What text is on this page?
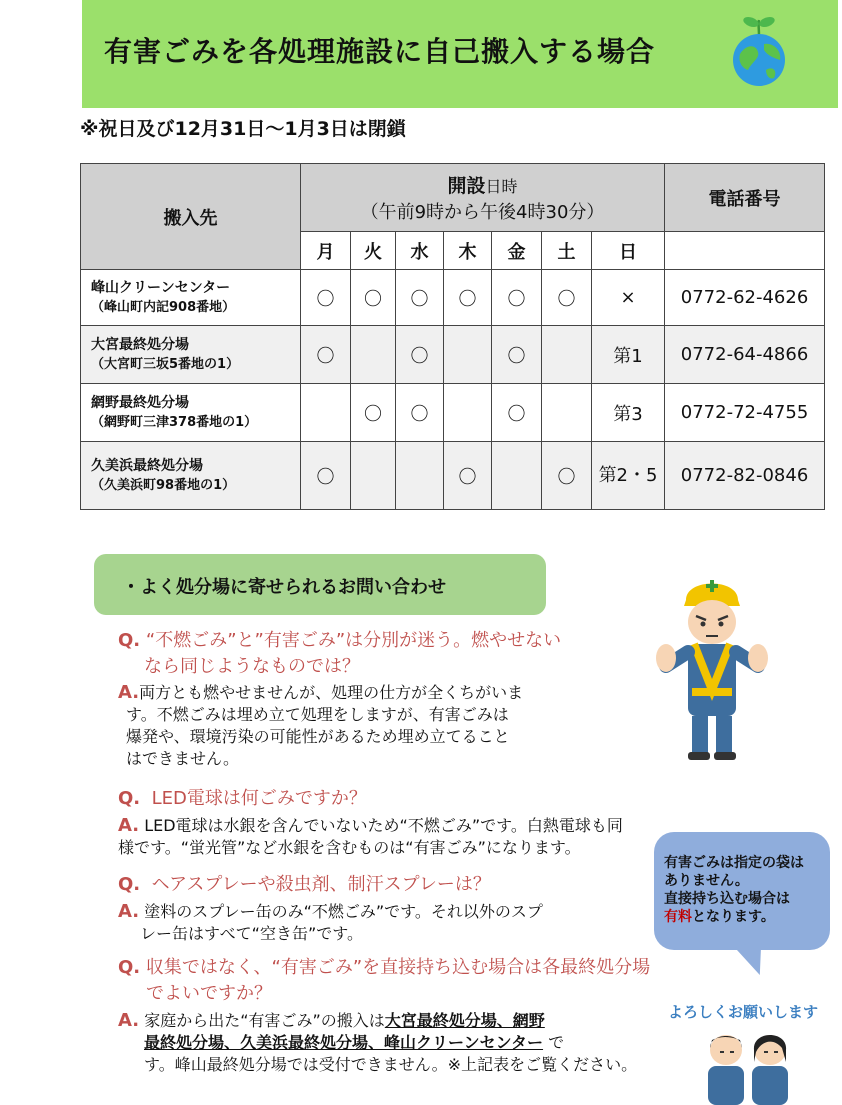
有害ごみを各処理施設に自己搬入する場合
※祝日及び12月31日～1月3日は閉鎖
搬入先	開設日時
（午前9時から午後4時30分）							電話番号
	月	火	水	木	金	土	日	
峰山クリーンセンター
（峰山町内記908番地）	〇	〇	〇	〇	〇	〇	×	0772-62-4626
大宮最終処分場
（大宮町三坂5番地の1）	〇		〇		〇		第1	0772-64-4866
網野最終処分場
（網野町三津378番地の1）		〇	〇		〇		第3	0772-72-4755
久美浜最終処分場
（久美浜町98番地の1）	〇			〇		〇	第2・5	0772-82-0846
・よく処分場に寄せられるお問い合わせ
Q. “不燃ごみ”と”有害ごみ”は分別が迷う。燃やせない
なら同じようなものでは？
A.両方とも燃やせませんが、処理の仕方が全くちがいま
す。不燃ごみは埋め立て処理をしますが、有害ごみは
爆発や、環境汚染の可能性があるため埋め立てること
はできません。
Q. LED電球は何ごみですか？
A. LED電球は水銀を含んでいないため“不燃ごみ”です。白熱電球も同
様です。“蛍光管”など水銀を含むものは“有害ごみ”になります。
Q. ヘアスプレーや殺虫剤、制汗スプレーは？
A. 塗料のスプレー缶のみ“不燃ごみ”です。それ以外のスプ
レー缶はすべて“空き缶”です。
Q. 収集ではなく、“有害ごみ”を直接持ち込む場合は各最終処分場
でよいですか？
A. 家庭から出た“有害ごみ”の搬入は大宮最終処分場、網野
最終処分場、久美浜最終処分場、峰山クリーンセンター で
す。峰山最終処分場では受付できません。※上記表をご覧ください。
有害ごみは指定の袋は
ありません。
直接持ち込む場合は
有料となります。
よろしくお願いします
